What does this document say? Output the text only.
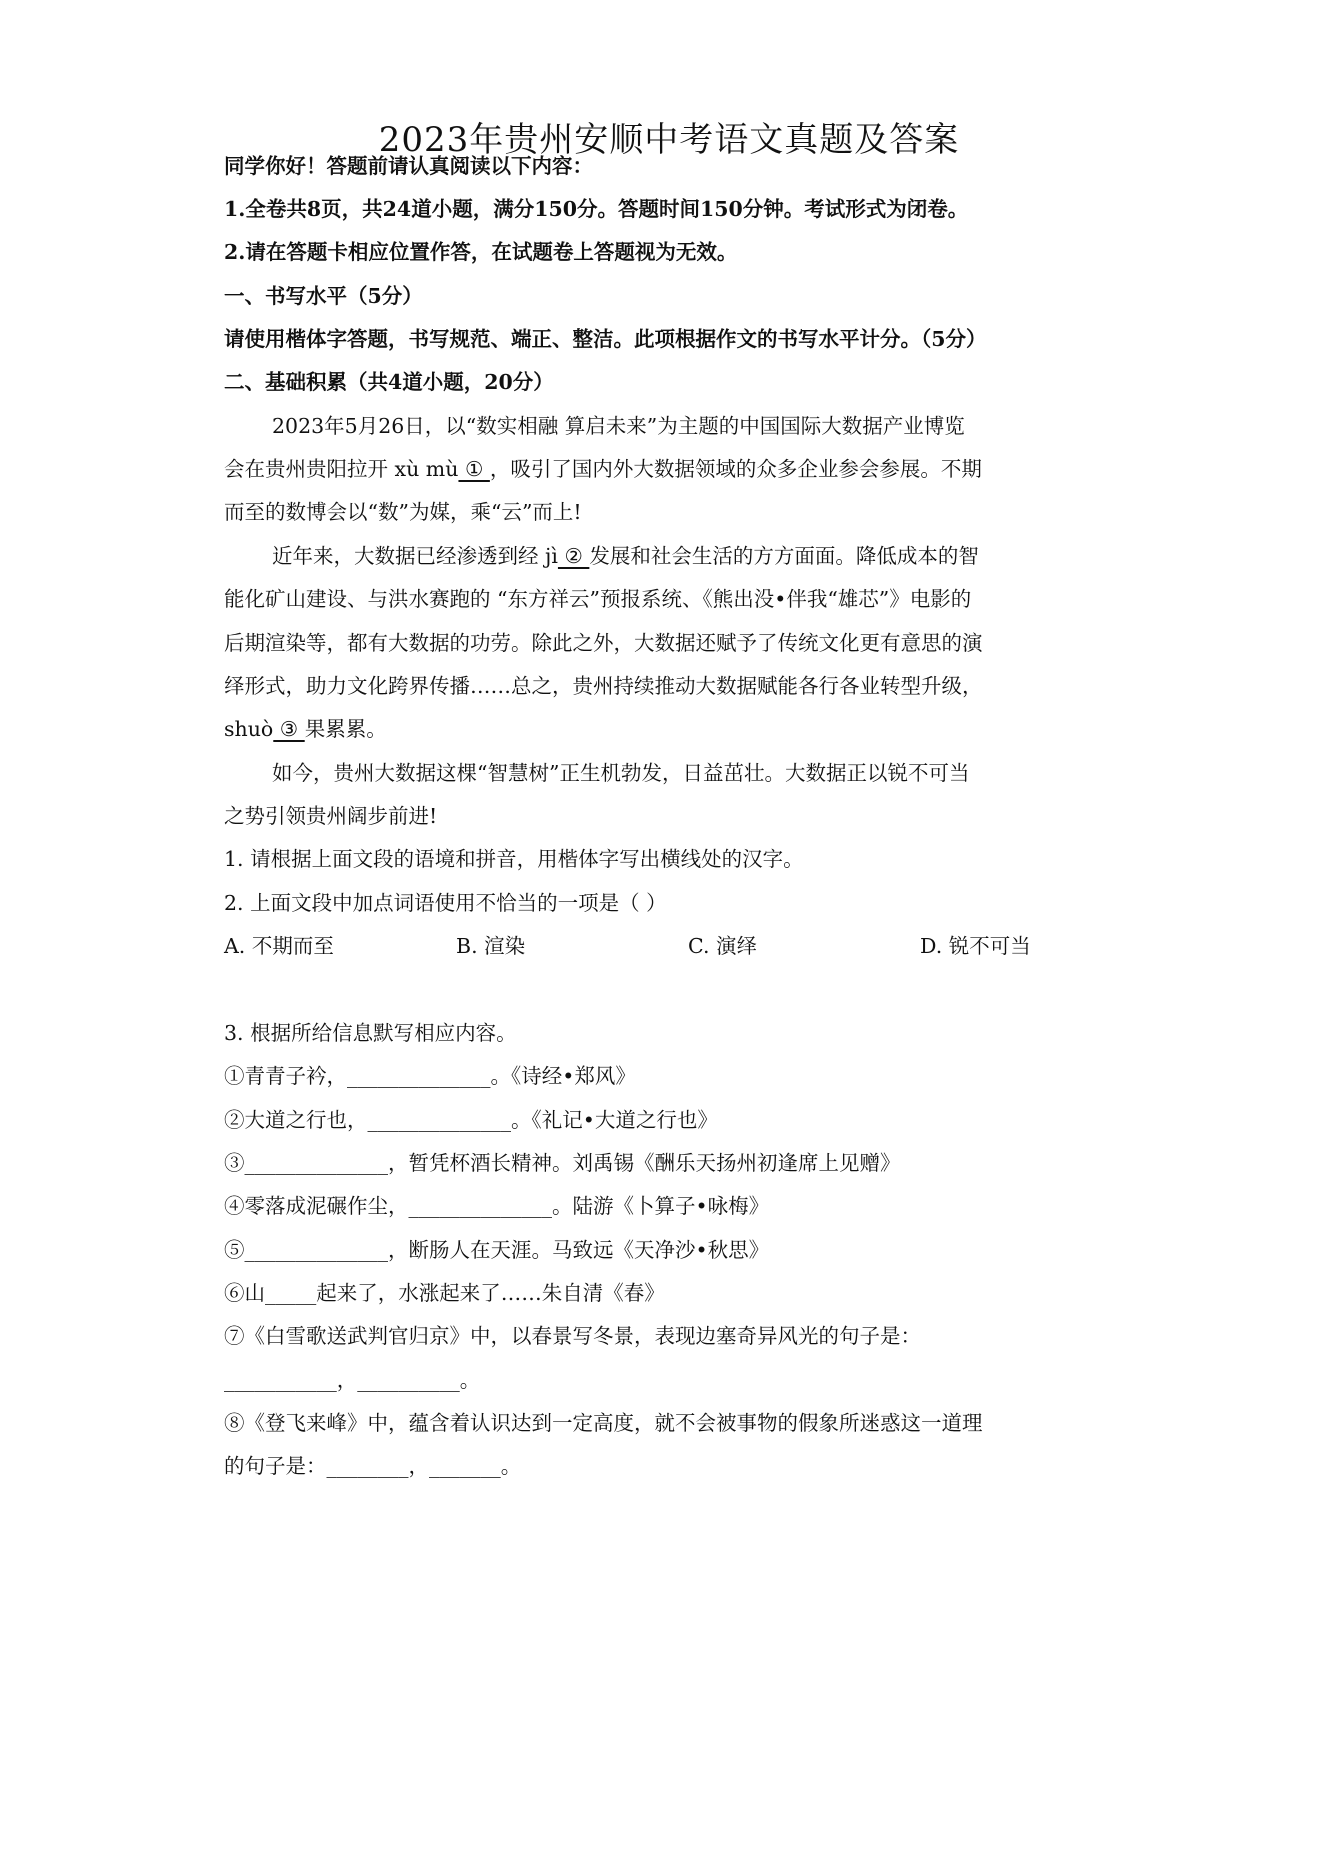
2023年贵州安顺中考语文真题及答案
同学你好！答题前请认真阅读以下内容：
1.全卷共8页，共24道小题，满分150分。答题时间150分钟。考试形式为闭卷。
2.请在答题卡相应位置作答，在试题卷上答题视为无效。
一、书写水平（5分）
请使用楷体字答题，书写规范、端正、整洁。此项根据作文的书写水平计分。（5分）
二、基础积累（共4道小题，20分）
2023年5月26日，以“数实相融 算启未来”为主题的中国国际大数据产业博览
会在贵州贵阳拉开 xù mù ① ，吸引了国内外大数据领域的众多企业参会参展。不期
而至的数博会以“数”为媒，乘“云”而上!
近年来，大数据已经渗透到经 jì ② 发展和社会生活的方方面面。降低成本的智
能化矿山建设、与洪水赛跑的 “东方祥云”预报系统、《熊出没•伴我“雄芯”》电影的
后期渲染等，都有大数据的功劳。除此之外，大数据还赋予了传统文化更有意思的演
绎形式，助力文化跨界传播……总之，贵州持续推动大数据赋能各行各业转型升级，
shuò ③ 果累累。
如今，贵州大数据这棵“智慧树”正生机勃发，日益茁壮。大数据正以锐不可当
之势引领贵州阔步前进!
1. 请根据上面文段的语境和拼音，用楷体字写出横线处的汉字。
2. 上面文段中加点词语使用不恰当的一项是（ ）
A. 不期而至	B. 渲染	C. 演绎	D. 锐不可当
3. 根据所给信息默写相应内容。
①青青子衿，______________。《诗经•郑风》
②大道之行也，______________。《礼记•大道之行也》
③______________，暂凭杯酒长精神。刘禹锡《酬乐天扬州初逢席上见赠》
④零落成泥碾作尘，______________。陆游《卜算子•咏梅》
⑤______________，断肠人在天涯。马致远《天净沙•秋思》
⑥山_____起来了，水涨起来了……朱自清《春》
⑦《白雪歌送武判官归京》中，以春景写冬景，表现边塞奇异风光的句子是：
___________，__________。
⑧《登飞来峰》中，蕴含着认识达到一定高度，就不会被事物的假象所迷惑这一道理
的句子是：________，_______。
